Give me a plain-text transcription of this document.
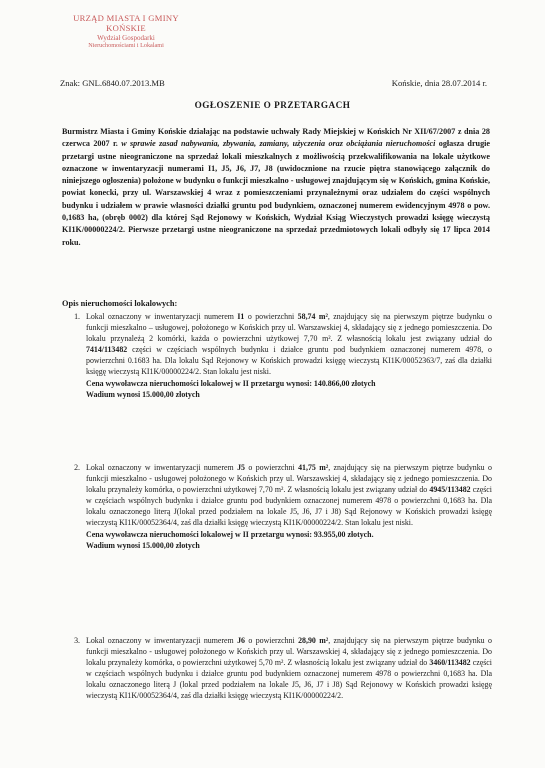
URZĄD MIASTA I GMINY
KOŃSKIE
Wydział Gospodarki
Nieruchomościami i Lokalami
Znak: GNL.6840.07.2013.MB	Końskie, dnia 28.07.2014 r.
OGŁOSZENIE O PRZETARGACH

Burmistrz Miasta i Gminy Końskie działając na podstawie uchwały Rady Miejskiej w Końskich Nr XII/67/2007 z dnia 28 czerwca 2007 r. w sprawie zasad nabywania, zbywania, zamiany, użyczenia oraz obciążania nieruchomości ogłasza drugie przetargi ustne nieograniczone na sprzedaż lokali mieszkalnych z możliwością przekwalifikowania na lokale użytkowe oznaczone w inwentaryzacji numerami I1, J5, J6, J7, J8 (uwidocznione na rzucie piętra stanowiącego załącznik do niniejszego ogłoszenia) położone w budynku o funkcji mieszkalno - usługowej znajdującym się w Końskich, gmina Końskie, powiat konecki, przy ul. Warszawskiej 4 wraz z pomieszczeniami przynależnymi oraz udziałem do części wspólnych budynku i udziałem w prawie własności działki gruntu pod budynkiem, oznaczonej numerem ewidencyjnym 4978 o pow. 0,1683 ha, (obręb 0002) dla której Sąd Rejonowy w Końskich, Wydział Ksiąg Wieczystych prowadzi księgę wieczystą KI1K/00000224/2. Pierwsze przetargi ustne nieograniczone na sprzedaż przedmiotowych lokali odbyły się 17 lipca 2014 roku.

Opis nieruchomości lokalowych:
1. Lokal oznaczony w inwentaryzacji numerem I1 o powierzchni 58,74 m², znajdujący się na pierwszym piętrze budynku o funkcji mieszkalno – usługowej, położonego w Końskich przy ul. Warszawskiej 4, składający się z jednego pomieszczenia. Do lokalu przynależą 2 komórki, każda o powierzchni użytkowej 7,70 m². Z własnością lokalu jest związany udział do 7414/113482 części w częściach wspólnych budynku i działce gruntu pod budynkiem oznaczonej numerem 4978, o powierzchni 0.1683 ha. Dla lokalu Sąd Rejonowy w Końskich prowadzi księgę wieczystą KI1K/00052363/7, zaś dla działki księgę wieczystą KI1K/00000224/2. Stan lokalu jest niski.
Cena wywoławcza nieruchomości lokalowej w II przetargu wynosi: 140.866,00 złotych
Wadium wynosi 15.000,00 złotych
2. Lokal oznaczony w inwentaryzacji numerem J5 o powierzchni 41,75 m², znajdujący się na pierwszym piętrze budynku o funkcji mieszkalno - usługowej położonego w Końskich przy ul. Warszawskiej 4, składający się z jednego pomieszczenia. Do lokalu przynależy komórka, o powierzchni użytkowej 7,70 m². Z własnością lokalu jest związany udział do 4945/113482 części w częściach wspólnych budynku i działce gruntu pod budynkiem oznaczonej numerem 4978 o powierzchni 0,1683 ha. Dla lokalu oznaczonego literą J(lokal przed podziałem na lokale J5, J6, J7 i J8) Sąd Rejonowy w Końskich prowadzi księgę wieczystą KI1K/00052364/4, zaś dla działki księgę wieczystą KI1K/00000224/2. Stan lokalu jest niski.
Cena wywoławcza nieruchomości lokalowej w II przetargu wynosi: 93.955,00 złotych.
Wadium wynosi 15.000,00 złotych
3. Lokal oznaczony w inwentaryzacji numerem J6 o powierzchni 28,90 m², znajdujący się na pierwszym piętrze budynku o funkcji mieszkalno - usługowej położonego w Końskich przy ul. Warszawskiej 4, składający się z jednego pomieszczenia. Do lokalu przynależy komórka, o powierzchni użytkowej 5,70 m². Z własnością lokalu jest związany udział do 3460/113482 części w częściach wspólnych budynku i działce gruntu pod budynkiem oznaczonej numerem 4978 o powierzchni 0,1683 ha. Dla lokalu oznaczonego literą J (lokal przed podziałem na lokale J5, J6, J7 i J8) Sąd Rejonowy w Końskich prowadzi księgę wieczystą KI1K/00052364/4, zaś dla działki księgę wieczystą KI1K/00000224/2.
